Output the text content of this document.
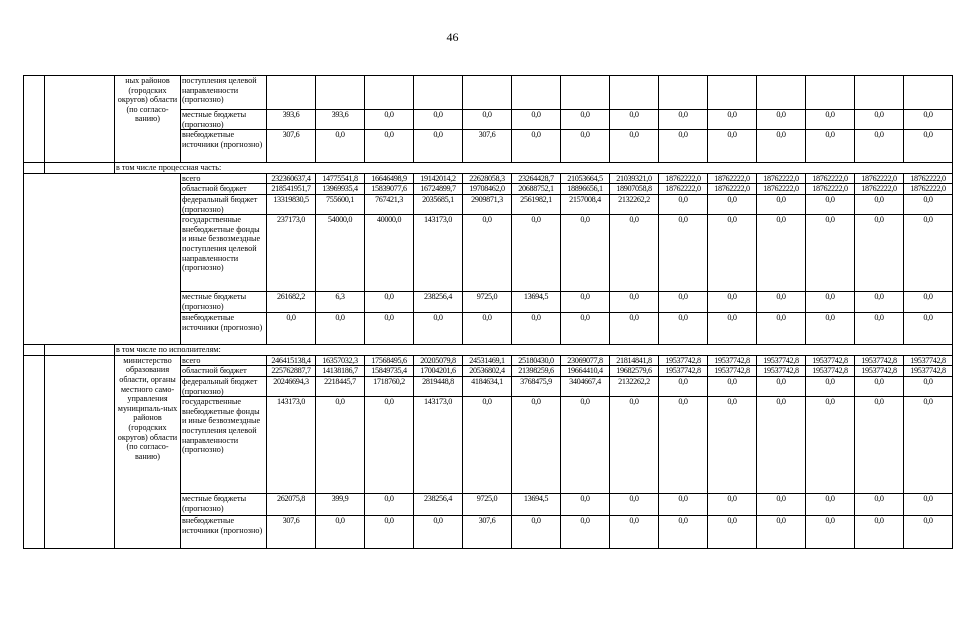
46
		ных районов (городских округов) области (по согласо-ванию)	поступления целевой направленности (прогнозно)														
			местные бюджеты (прогнозно)	393,6	393,6	0,0	0,0	0,0	0,0	0,0	0,0	0,0	0,0	0,0	0,0	0,0	0,0
			внебюджетные источники (прогнозно)	307,6	0,0	0,0	0,0	307,6	0,0	0,0	0,0	0,0	0,0	0,0	0,0	0,0	0,0
		в том числе процессная часть:															
			всего	232360637,4	14775541,8	16646498,9	19142014,2	22628058,3	23264428,7	21053664,5	21039321,0	18762222,0	18762222,0	18762222,0	18762222,0	18762222,0	18762222,0
			областной бюджет	218541951,7	13969935,4	15839077,6	16724899,7	19708462,0	20688752,1	18896656,1	18907058,8	18762222,0	18762222,0	18762222,0	18762222,0	18762222,0	18762222,0
			федеральный бюджет (прогнозно)	13319830,5	755600,1	767421,3	2035685,1	2909871,3	2561982,1	2157008,4	2132262,2	0,0	0,0	0,0	0,0	0,0	0,0
			государственные внебюджетные фонды и иные безвозмездные поступления целевой направленности (прогнозно)	237173,0	54000,0	40000,0	143173,0	0,0	0,0	0,0	0,0	0,0	0,0	0,0	0,0	0,0	0,0
			местные бюджеты (прогнозно)	261682,2	6,3	0,0	238256,4	9725,0	13694,5	0,0	0,0	0,0	0,0	0,0	0,0	0,0	0,0
			внебюджетные источники (прогнозно)	0,0	0,0	0,0	0,0	0,0	0,0	0,0	0,0	0,0	0,0	0,0	0,0	0,0	0,0
		в том числе по исполнителям:															
		министерство образования области, органы местного само-управления муниципаль-ных районов (городских округов) области (по согласо-ванию)	всего	246415138,4	16357032,3	17568495,6	20205079,8	24531469,1	25180430,0	23069077,8	21814841,8	19537742,8	19537742,8	19537742,8	19537742,8	19537742,8	19537742,8
			областной бюджет	225762887,7	14138186,7	15849735,4	17004201,6	20536802,4	21398259,6	19664410,4	19682579,6	19537742,8	19537742,8	19537742,8	19537742,8	19537742,8	19537742,8
			федеральный бюджет (прогнозно)	20246694,3	2218445,7	1718760,2	2819448,8	4184634,1	3768475,9	3404667,4	2132262,2	0,0	0,0	0,0	0,0	0,0	0,0
			государственные внебюджетные фонды и иные безвозмездные поступления целевой направленности (прогнозно)	143173,0	0,0	0,0	143173,0	0,0	0,0	0,0	0,0	0,0	0,0	0,0	0,0	0,0	0,0
			местные бюджеты (прогнозно)	262075,8	399,9	0,0	238256,4	9725,0	13694,5	0,0	0,0	0,0	0,0	0,0	0,0	0,0	0,0
			внебюджетные источники (прогнозно)	307,6	0,0	0,0	0,0	307,6	0,0	0,0	0,0	0,0	0,0	0,0	0,0	0,0	0,0
